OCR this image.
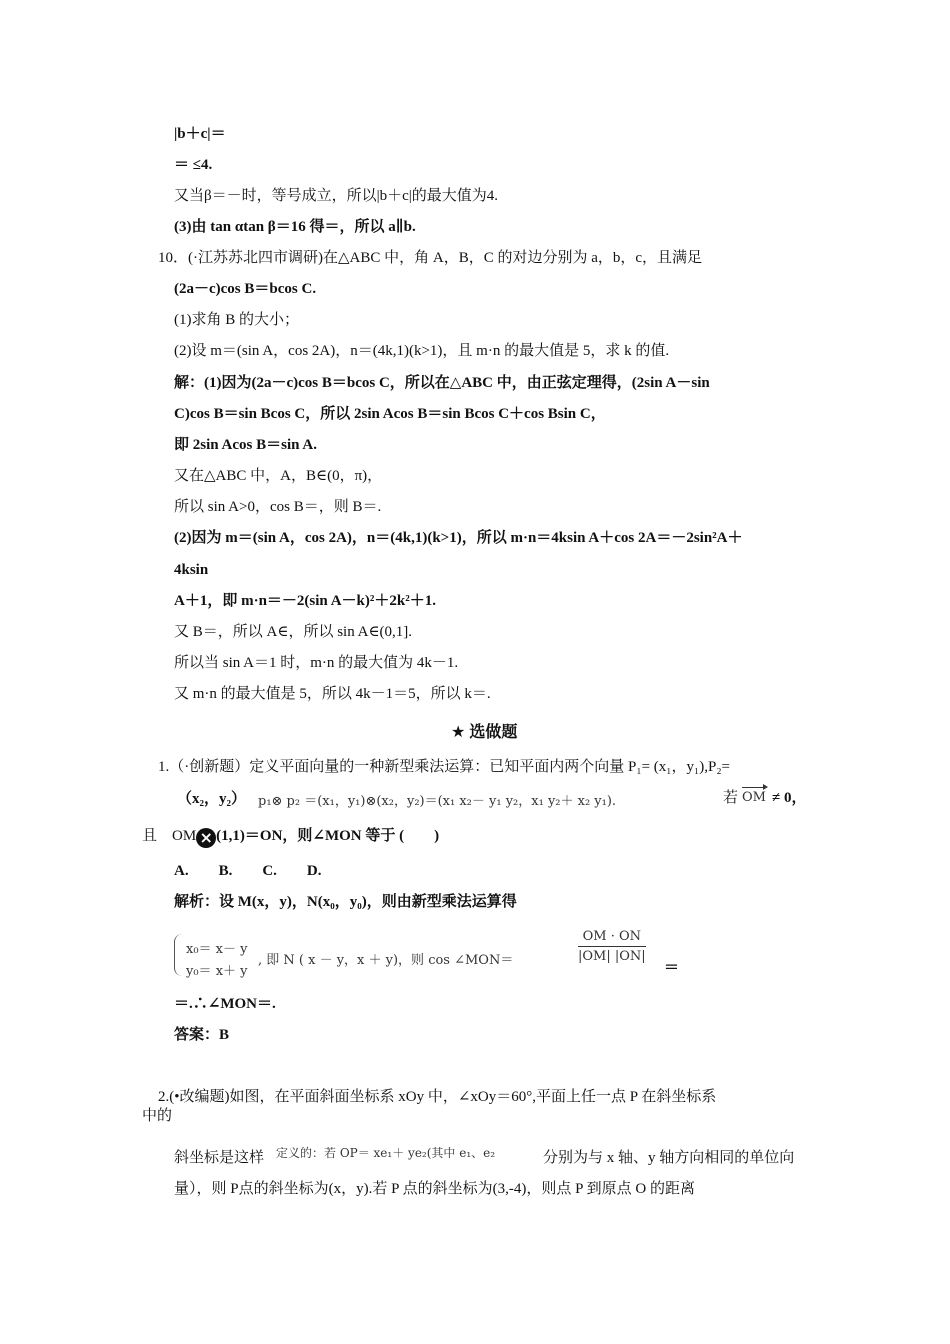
|b＋c|＝
＝ ≤4.
又当β＝－时，等号成立，所以|b＋c|的最大值为4.
(3)由 tan αtan β＝16 得＝，所以 a∥b.
10．(·江苏苏北四市调研)在△ABC 中，角 A，B，C 的对边分别为 a，b，c，且满足
(2a－c)cos B＝bcos C.
(1)求角 B 的大小；
(2)设 m＝(sin A，cos 2A)，n＝(4k,1)(k>1)，且 m·n 的最大值是 5，求 k 的值.
解：(1)因为(2a－c)cos B＝bcos C，所以在△ABC 中，由正弦定理得，(2sin A－sin
C)cos B＝sin Bcos C，所以 2sin Acos B＝sin Bcos C＋cos Bsin C，
即 2sin Acos B＝sin A.
又在△ABC 中，A，B∈(0，π)，
所以 sin A>0，cos B＝，则 B＝.
(2)因为 m＝(sin A，cos 2A)，n＝(4k,1)(k>1)，所以 m·n＝4ksin A＋cos 2A＝－2sin²A＋
4ksin
A＋1，即 m·n＝－2(sin A－k)²＋2k²＋1.
又 B＝，所以 A∈，所以 sin A∈(0,1].
所以当 sin A＝1 时，m·n 的最大值为 4k－1.
又 m·n 的最大值是 5，所以 4k－1＝5，所以 k＝.
★ 选做题
1.（·创新题）定义平面向量的一种新型乘法运算：已知平面内两个向量 P₁= (x₁，y₁),P₂=
（x₂，y₂） p₁⊗ p₂ ＝(x₁，y₁)⊗(x₂，y₂)＝(x₁ x₂－ y₁ y₂，x₁ y₂＋ x₂ y₁).	若 OM ≠ 0，
且　OM × (1,1)＝ON，则∠MON 等于 (　　)
A.　　B.　　C.　　D.
解析：设 M(x，y)，N(x₀，y₀)，则由新型乘法运算得
x₀＝ x－ y
y₀＝ x＋ y
, 即 N ( x － y，x ＋ y)，则 cos ∠MON＝	$\frac{OM \cdot ON}{|OM| |ON|}$
＝
＝.∴∠MON＝.
答案：B
2.(•改编题)如图，在平面斜面坐标系 xOy 中，∠xOy＝60°,平面上任一点 P 在斜坐标系
中的
斜坐标是这样 定义的：若 OP＝ xe₁＋ ye₂(其中 e₁、e₂	分别为与 x 轴、y 轴方向相同的单位向
量），则 P点的斜坐标为(x，y).若 P 点的斜坐标为(3,-4)，则点 P 到原点 O 的距离
